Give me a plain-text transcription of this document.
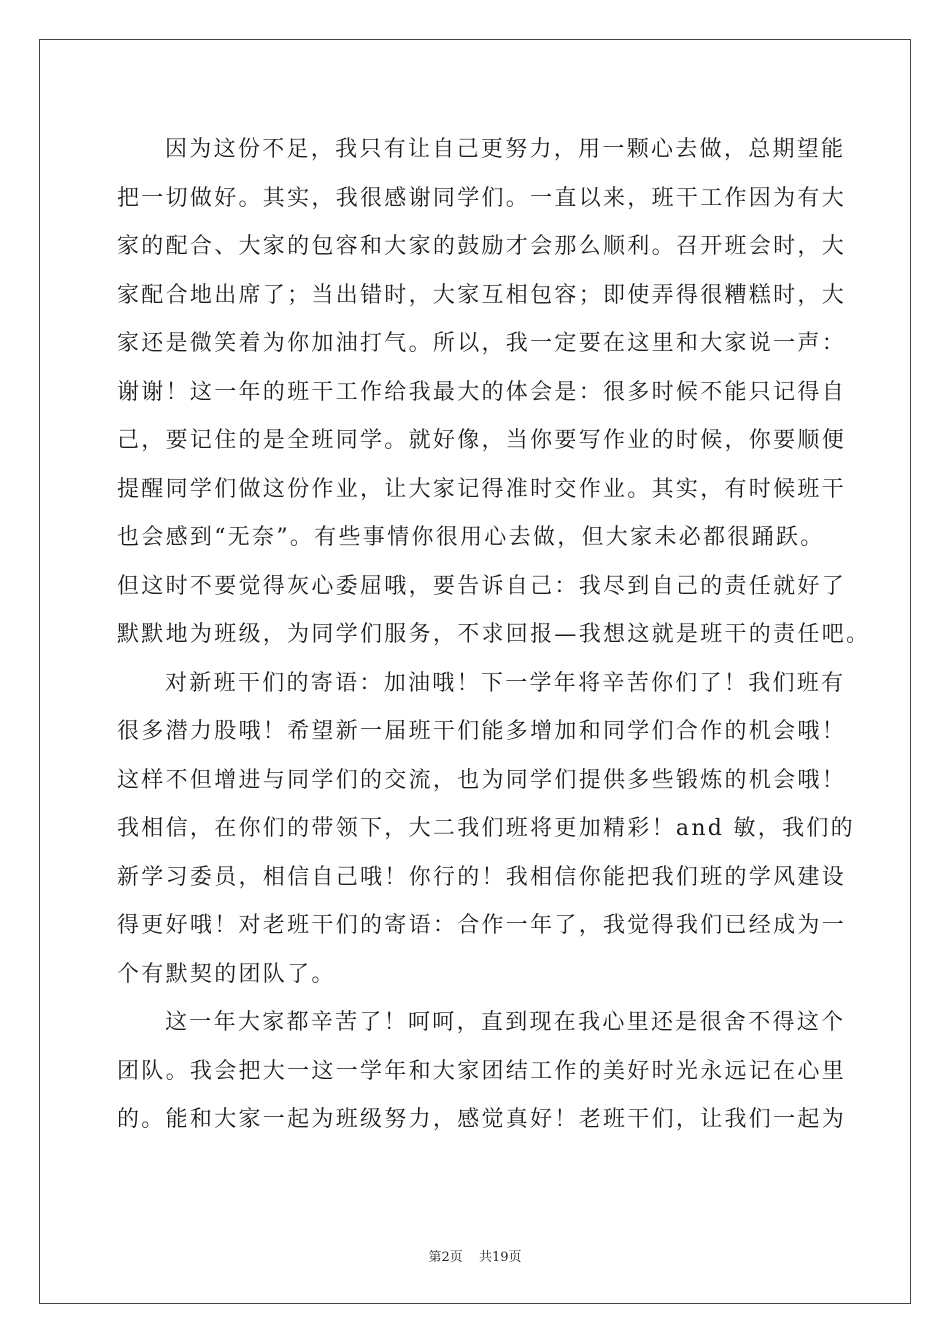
因为这份不足，我只有让自己更努力，用一颗心去做，总期望能
把一切做好。其实，我很感谢同学们。一直以来，班干工作因为有大
家的配合、大家的包容和大家的鼓励才会那么顺利。召开班会时，大
家配合地出席了；当出错时，大家互相包容；即使弄得很糟糕时，大
家还是微笑着为你加油打气。所以，我一定要在这里和大家说一声：
谢谢！这一年的班干工作给我最大的体会是：很多时候不能只记得自
己，要记住的是全班同学。就好像，当你要写作业的时候，你要顺便
提醒同学们做这份作业，让大家记得准时交作业。其实，有时候班干
也会感到“无奈”。有些事情你很用心去做，但大家未必都很踊跃。
但这时不要觉得灰心委屈哦，要告诉自己：我尽到自己的责任就好了
默默地为班级，为同学们服务，不求回报—我想这就是班干的责任吧。
对新班干们的寄语：加油哦！下一学年将辛苦你们了！我们班有
很多潜力股哦！希望新一届班干们能多增加和同学们合作的机会哦！
这样不但增进与同学们的交流，也为同学们提供多些锻炼的机会哦！
我相信，在你们的带领下，大二我们班将更加精彩！and 敏，我们的
新学习委员，相信自己哦！你行的！我相信你能把我们班的学风建设
得更好哦！对老班干们的寄语：合作一年了，我觉得我们已经成为一
个有默契的团队了。
这一年大家都辛苦了！呵呵，直到现在我心里还是很舍不得这个
团队。我会把大一这一学年和大家团结工作的美好时光永远记在心里
的。能和大家一起为班级努力，感觉真好！老班干们，让我们一起为
第2页 共19页
